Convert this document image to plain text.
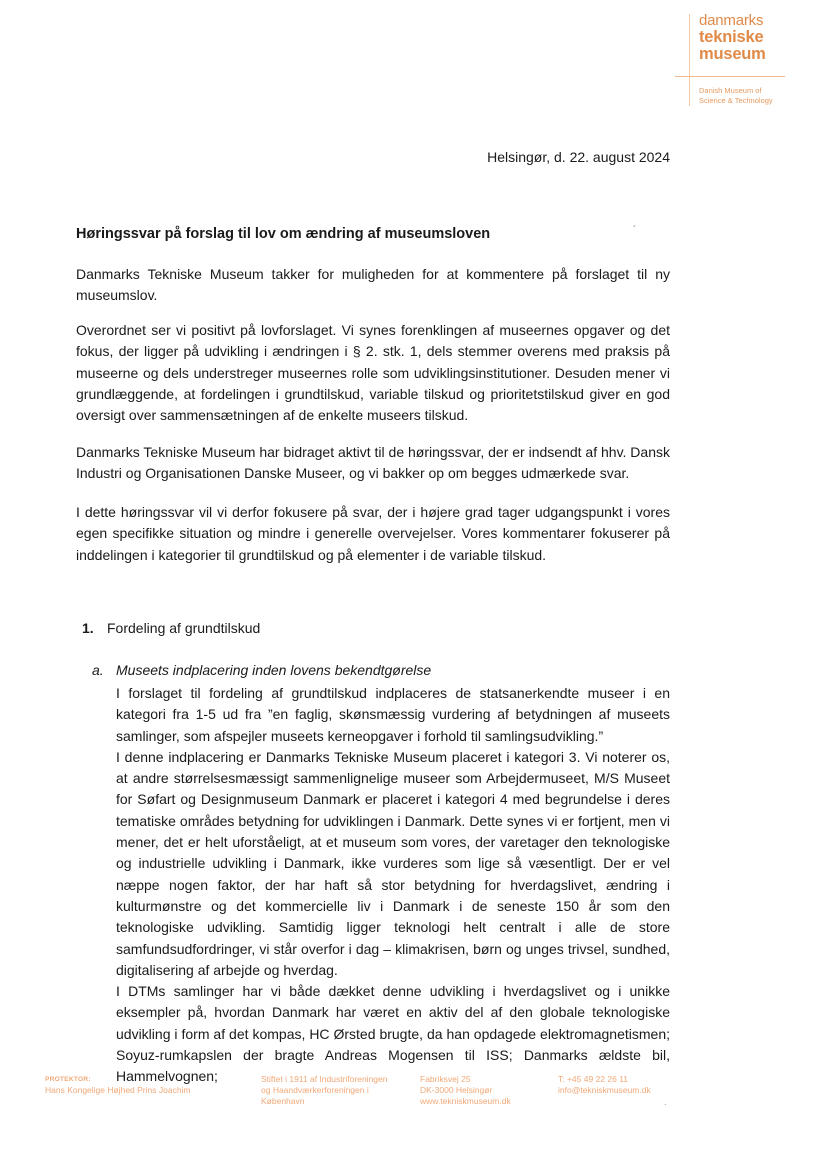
danmarks
tekniske
museum
Danish Museum of
Science & Technology
Helsingør, d. 22. august 2024
Høringssvar på forslag til lov om ændring af museumsloven	´

Danmarks Tekniske Museum takker for muligheden for at kommentere på forslaget til ny museumslov.

Overordnet ser vi positivt på lovforslaget. Vi synes forenklingen af museernes opgaver og det fokus, der ligger på udvikling i ændringen i § 2. stk. 1, dels stemmer overens med praksis på museerne og dels understreger museernes rolle som udviklingsinstitutioner. Desuden mener vi grundlæggende, at fordelingen i grundtilskud, variable tilskud og prioritetstilskud giver en god oversigt over sammensætningen af de enkelte museers tilskud.

Danmarks Tekniske Museum har bidraget aktivt til de høringssvar, der er indsendt af hhv. Dansk Industri og Organisationen Danske Museer, og vi bakker op om begges udmærkede svar.

I dette høringssvar vil vi derfor fokusere på svar, der i højere grad tager udgangspunkt i vores egen specifikke situation og mindre i generelle overvejelser. Vores kommentarer fokuserer på inddelingen i kategorier til grundtilskud og på elementer i de variable tilskud.

1. Fordeling af grundtilskud
a. Museets indplacering inden lovens bekendtgørelse
I forslaget til fordeling af grundtilskud indplaceres de statsanerkendte museer i en kategori fra 1-5 ud fra ”en faglig, skønsmæssig vurdering af betydningen af museets samlinger, som afspejler museets kerneopgaver i forhold til samlingsudvikling.”
I denne indplacering er Danmarks Tekniske Museum placeret i kategori 3. Vi noterer os, at andre størrelsesmæssigt sammenlignelige museer som Arbejdermuseet, M/S Museet for Søfart og Designmuseum Danmark er placeret i kategori 4 med begrundelse i deres tematiske områdes betydning for udviklingen i Danmark. Dette synes vi er fortjent, men vi mener, det er helt uforståeligt, at et museum som vores, der varetager den teknologiske og industrielle udvikling i Danmark, ikke vurderes som lige så væsentligt. Der er vel næppe nogen faktor, der har haft så stor betydning for hverdagslivet, ændring i kulturmønstre og det kommercielle liv i Danmark i de seneste 150 år som den teknologiske udvikling. Samtidig ligger teknologi helt centralt i alle de store samfundsudfordringer, vi står overfor i dag – klimakrisen, børn og unges trivsel, sundhed, digitalisering af arbejde og hverdag.
I DTMs samlinger har vi både dækket denne udvikling i hverdagslivet og i unikke eksempler på, hvordan Danmark har været en aktiv del af den globale teknologiske udvikling i form af det kompas, HC Ørsted brugte, da han opdagede elektromagnetismen; Soyuz-rumkapslen der bragte Andreas Mogensen til ISS; Danmarks ældste bil, Hammelvognen;
PROTEKTOR:
Hans Kongelige Højhed Prins Joachim
Stiftet i 1911 af Industriforeningen
og Haandværkerforeningen i
København
Fabriksvej 25
DK-3000 Helsingør
www.tekniskmuseum.dk
T: +45 49 22 26 11
info@tekniskmuseum.dk
.
